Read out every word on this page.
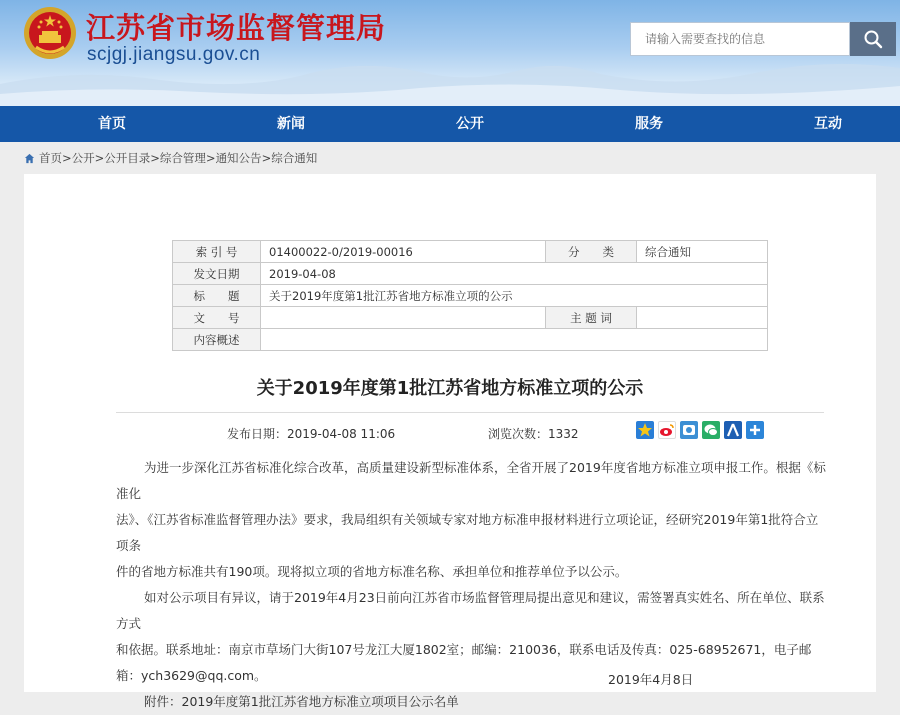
江苏省市场监督管理局
scjgj.jiangsu.gov.cn
请输入需要查找的信息
首页	新闻	公开	服务	互动
首页 > 公开 > 公开目录 > 综合管理 > 通知公告 > 综合通知
索 引 号	01400022-0/2019-00016	分　　类	综合通知
发文日期	2019-04-08		
标　　题	关于2019年度第1批江苏省地方标准立项的公示		
文　　号		主 题 词	
内容概述			
关于2019年度第1批江苏省地方标准立项的公示
发布日期：2019-04-08 11:06	浏览次数：1332

为进一步深化江苏省标准化综合改革，高质量建设新型标准体系，全省开展了2019年度省地方标准立项申报工作。根据《标准化

法》、《江苏省标准监督管理办法》要求，我局组织有关领域专家对地方标准申报材料进行立项论证，经研究2019年第1批符合立项条

件的省地方标准共有190项。现将拟立项的省地方标准名称、承担单位和推荐单位予以公示。

如对公示项目有异议，请于2019年4月23日前向江苏省市场监督管理局提出意见和建议，需签署真实姓名、所在单位、联系方式

和依据。联系地址：南京市草场门大街107号龙江大厦1802室；邮编：210036，联系电话及传真：025-68952671，电子邮

箱：ych3629@qq.com。

附件：2019年度第1批江苏省地方标准立项项目公示名单

2019年4月8日
